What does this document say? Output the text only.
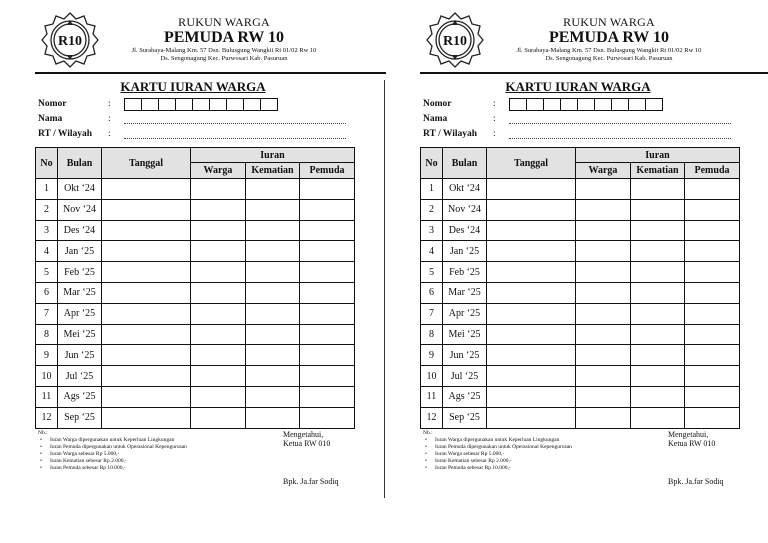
R10
RUKUN WARGA
PEMUDA RW 10
Jl. Surabaya-Malang Km. 57 Dsn. Bulusgung Wangkit Rt 01/02 Rw 10
Ds. Sengonagung Kec. Purwosari Kab. Pasuruan
KARTU IURAN WARGA
Nomor	:
Nama	:
RT / Wilayah	:
No	Bulan	Tanggal	Iuran		
			Warga	Kematian	Pemuda
1	Okt ‘24				
2	Nov ‘24				
3	Des ‘24				
4	Jan ‘25				
5	Feb ‘25				
6	Mar ‘25				
7	Apr ‘25				
8	Mei ‘25				
9	Jun ‘25				
10	Jul ‘25				
11	Ags ‘25				
12	Sep ‘25				
Nb.:
• Iuran Warga dipergunakan untuk Keperluan Lingkungan
• Iuran Pemuda dipergunakan untuk Operasional Kepengurusan
• Iuran Warga sebesar Rp 5.000,-
• Iuran Kematian sebesar Rp 2.000,-
• Iuran Pemuda sebesar Rp 10.000,-
Mengetahui,
Ketua RW 010
Bpk. Ja.far Sodiq
R10
RUKUN WARGA
PEMUDA RW 10
Jl. Surabaya-Malang Km. 57 Dsn. Bulusgung Wangkit Rt 01/02 Rw 10
Ds. Sengonagung Kec. Purwosari Kab. Pasuruan
KARTU IURAN WARGA
Nomor	:
Nama	:
RT / Wilayah	:
No	Bulan	Tanggal	Iuran		
			Warga	Kematian	Pemuda
1	Okt ‘24				
2	Nov ‘24				
3	Des ‘24				
4	Jan ‘25				
5	Feb ‘25				
6	Mar ‘25				
7	Apr ‘25				
8	Mei ‘25				
9	Jun ‘25				
10	Jul ‘25				
11	Ags ‘25				
12	Sep ‘25				
Nb.:
• Iuran Warga dipergunakan untuk Keperluan Lingkungan
• Iuran Pemuda dipergunakan untuk Operasional Kepengurusan
• Iuran Warga sebesar Rp 5.000,-
• Iuran Kematian sebesar Rp 2.000,-
• Iuran Pemuda sebesar Rp 10.000,-
Mengetahui,
Ketua RW 010
Bpk. Ja.far Sodiq
